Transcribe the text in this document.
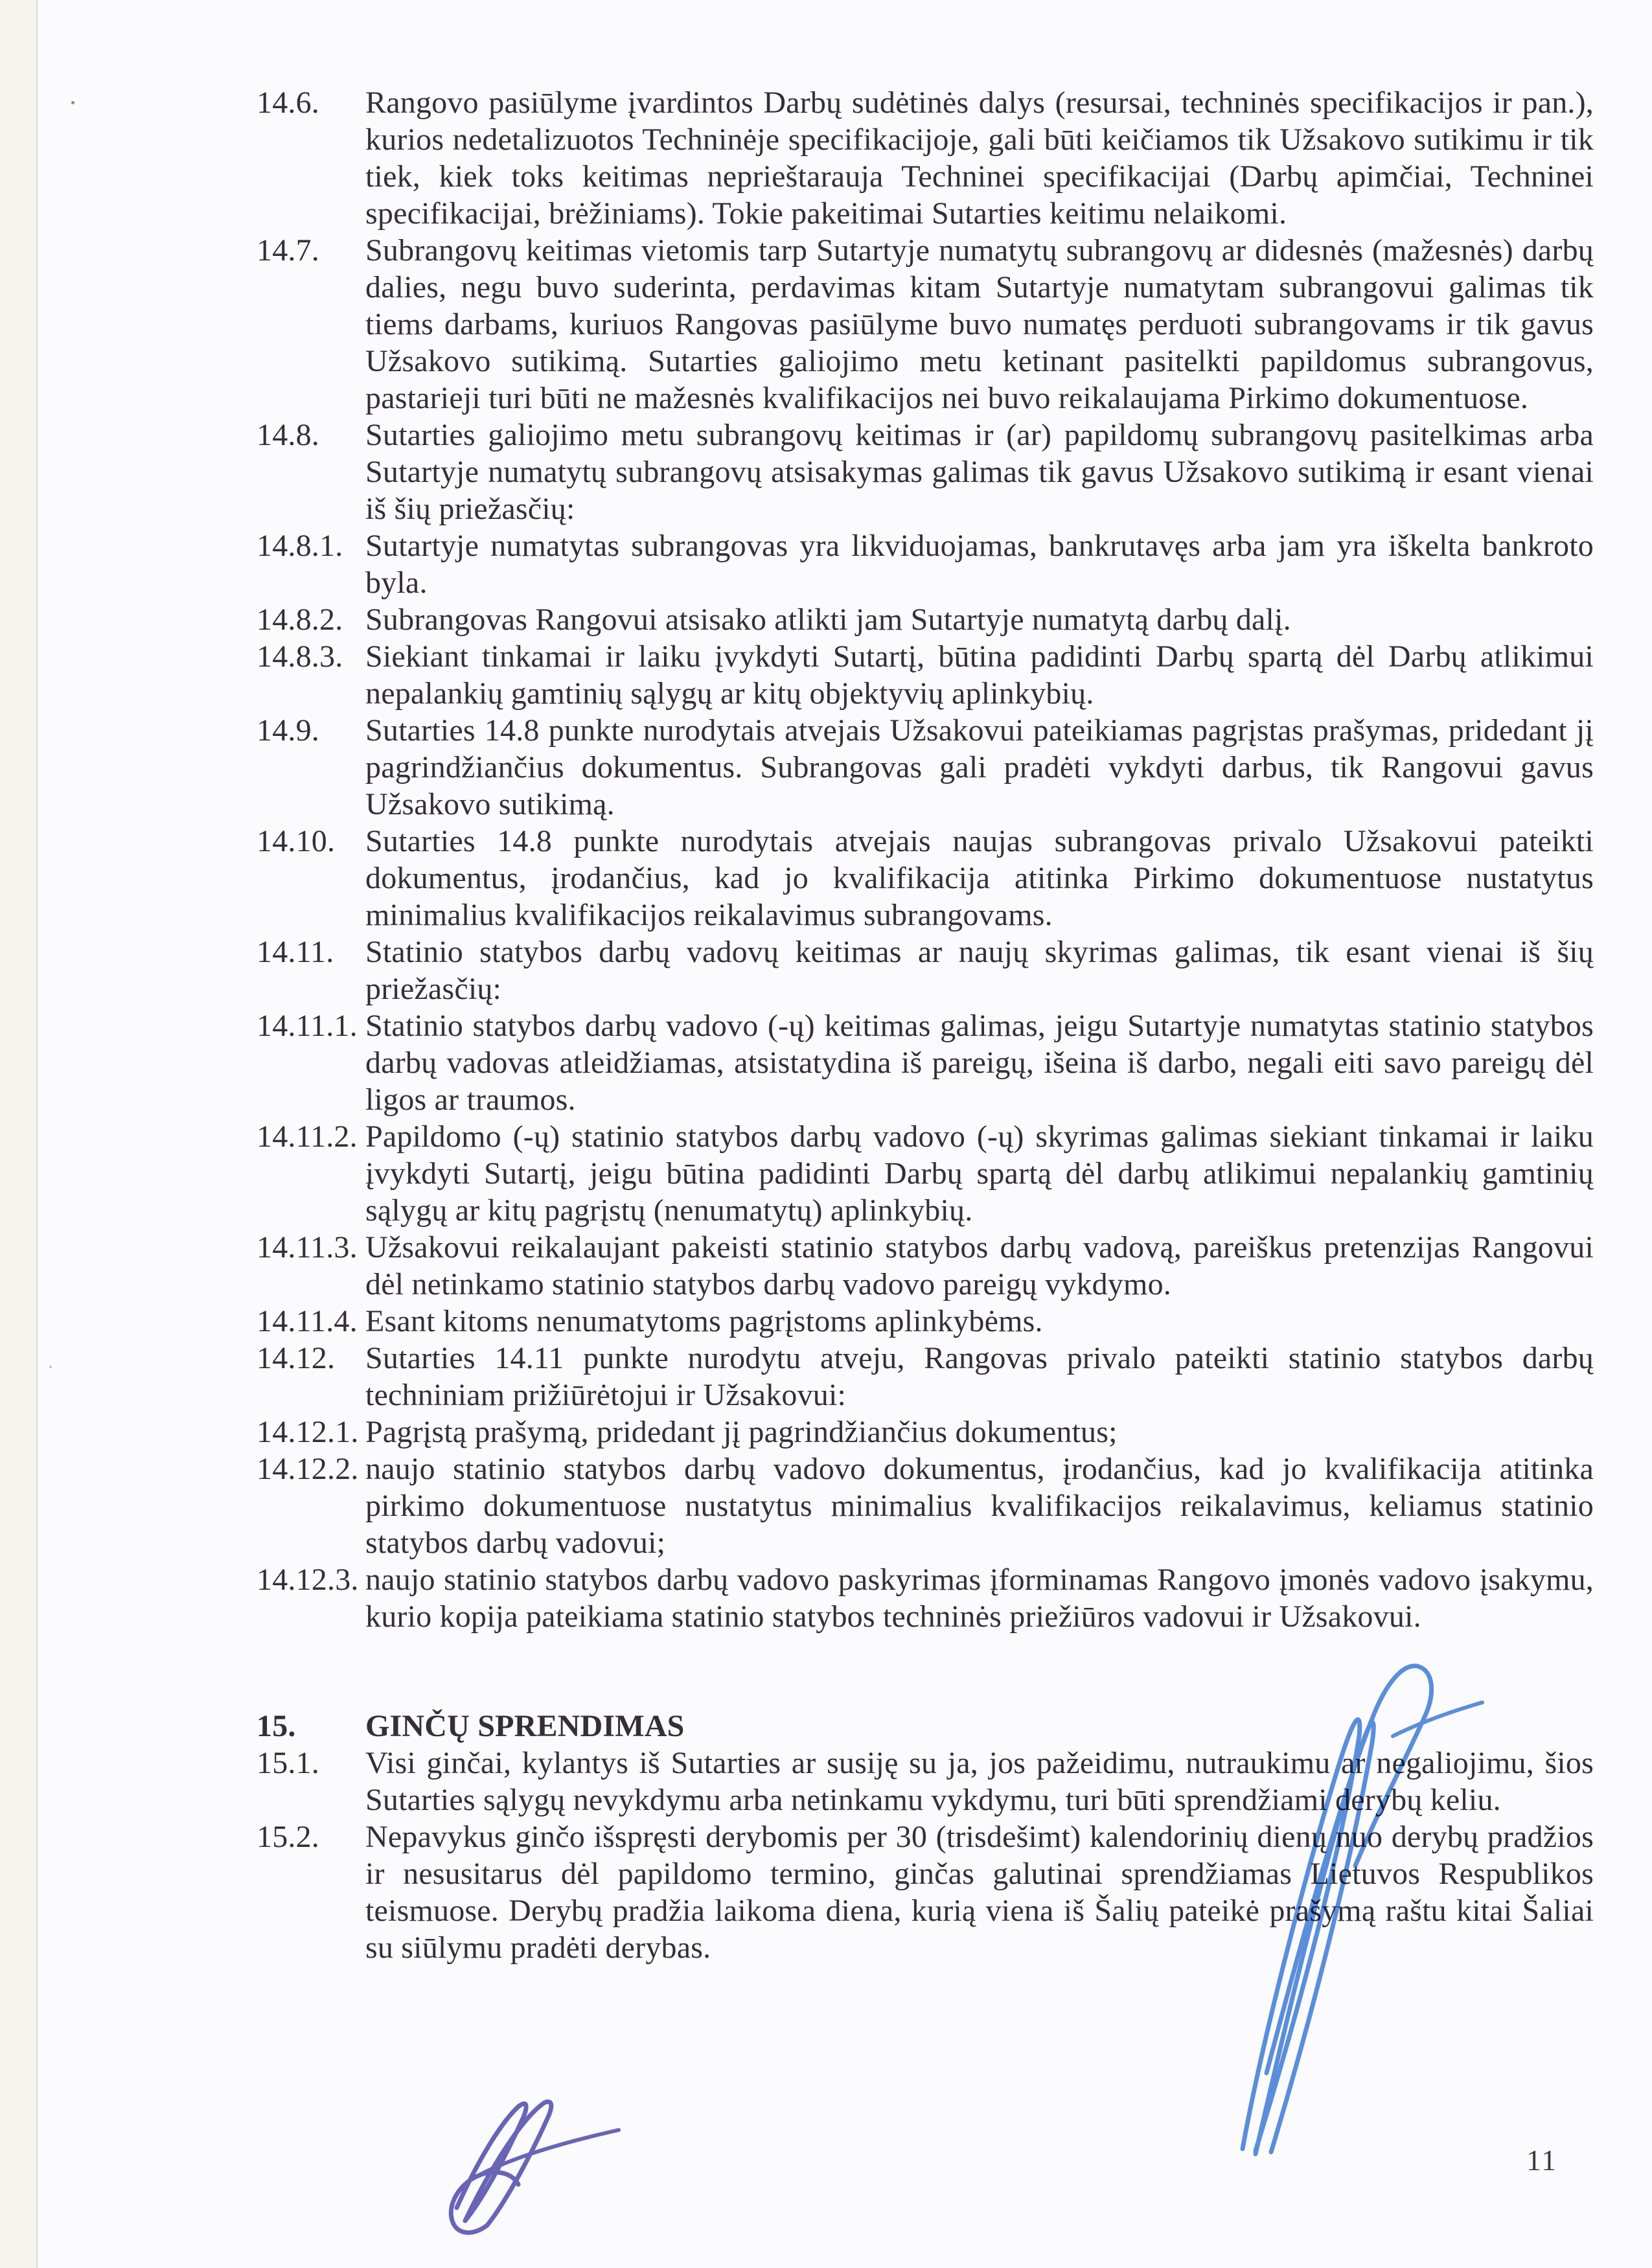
14.6. Rangovo pasiūlyme įvardintos Darbų sudėtinės dalys (resursai, techninės specifikacijos ir pan.), kurios nedetalizuotos Techninėje specifikacijoje, gali būti keičiamos tik Užsakovo sutikimu ir tik tiek, kiek toks keitimas neprieštarauja Techninei specifikacijai (Darbų apimčiai, Techninei specifikacijai, brėžiniams). Tokie pakeitimai Sutarties keitimu nelaikomi.
14.7. Subrangovų keitimas vietomis tarp Sutartyje numatytų subrangovų ar didesnės (mažesnės) darbų dalies, negu buvo suderinta, perdavimas kitam Sutartyje numatytam subrangovui galimas tik tiems darbams, kuriuos Rangovas pasiūlyme buvo numatęs perduoti subrangovams ir tik gavus Užsakovo sutikimą. Sutarties galiojimo metu ketinant pasitelkti papildomus subrangovus, pastarieji turi būti ne mažesnės kvalifikacijos nei buvo reikalaujama Pirkimo dokumentuose.
14.8. Sutarties galiojimo metu subrangovų keitimas ir (ar) papildomų subrangovų pasitelkimas arba Sutartyje numatytų subrangovų atsisakymas galimas tik gavus Užsakovo sutikimą ir esant vienai iš šių priežasčių:
14.8.1. Sutartyje numatytas subrangovas yra likviduojamas, bankrutavęs arba jam yra iškelta bankroto byla.
14.8.2. Subrangovas Rangovui atsisako atlikti jam Sutartyje numatytą darbų dalį.
14.8.3. Siekiant tinkamai ir laiku įvykdyti Sutartį, būtina padidinti Darbų spartą dėl Darbų atlikimui nepalankių gamtinių sąlygų ar kitų objektyvių aplinkybių.
14.9. Sutarties 14.8 punkte nurodytais atvejais Užsakovui pateikiamas pagrįstas prašymas, pridedant jį pagrindžiančius dokumentus. Subrangovas gali pradėti vykdyti darbus, tik Rangovui gavus Užsakovo sutikimą.
14.10. Sutarties 14.8 punkte nurodytais atvejais naujas subrangovas privalo Užsakovui pateikti dokumentus, įrodančius, kad jo kvalifikacija atitinka Pirkimo dokumentuose nustatytus minimalius kvalifikacijos reikalavimus subrangovams.
14.11. Statinio statybos darbų vadovų keitimas ar naujų skyrimas galimas, tik esant vienai iš šių priežasčių:
14.11.1. Statinio statybos darbų vadovo (-ų) keitimas galimas, jeigu Sutartyje numatytas statinio statybos darbų vadovas atleidžiamas, atsistatydina iš pareigų, išeina iš darbo, negali eiti savo pareigų dėl ligos ar traumos.
14.11.2. Papildomo (-ų) statinio statybos darbų vadovo (-ų) skyrimas galimas siekiant tinkamai ir laiku įvykdyti Sutartį, jeigu būtina padidinti Darbų spartą dėl darbų atlikimui nepalankių gamtinių sąlygų ar kitų pagrįstų (nenumatytų) aplinkybių.
14.11.3. Užsakovui reikalaujant pakeisti statinio statybos darbų vadovą, pareiškus pretenzijas Rangovui dėl netinkamo statinio statybos darbų vadovo pareigų vykdymo.
14.11.4. Esant kitoms nenumatytoms pagrįstoms aplinkybėms.
14.12. Sutarties 14.11 punkte nurodytu atveju, Rangovas privalo pateikti statinio statybos darbų techniniam prižiūrėtojui ir Užsakovui:
14.12.1. Pagrįstą prašymą, pridedant jį pagrindžiančius dokumentus;
14.12.2. naujo statinio statybos darbų vadovo dokumentus, įrodančius, kad jo kvalifikacija atitinka pirkimo dokumentuose nustatytus minimalius kvalifikacijos reikalavimus, keliamus statinio statybos darbų vadovui;
14.12.3. naujo statinio statybos darbų vadovo paskyrimas įforminamas Rangovo įmonės vadovo įsakymu, kurio kopija pateikiama statinio statybos techninės priežiūros vadovui ir Užsakovui.
15. GINČŲ SPRENDIMAS
15.1. Visi ginčai, kylantys iš Sutarties ar susiję su ja, jos pažeidimu, nutraukimu ar negaliojimu, šios Sutarties sąlygų nevykdymu arba netinkamu vykdymu, turi būti sprendžiami derybų keliu.
15.2. Nepavykus ginčo išspręsti derybomis per 30 (trisdešimt) kalendorinių dienų nuo derybų pradžios ir nesusitarus dėl papildomo termino, ginčas galutinai sprendžiamas Lietuvos Respublikos teismuose. Derybų pradžia laikoma diena, kurią viena iš Šalių pateikė prašymą raštu kitai Šaliai su siūlymu pradėti derybas.
11
